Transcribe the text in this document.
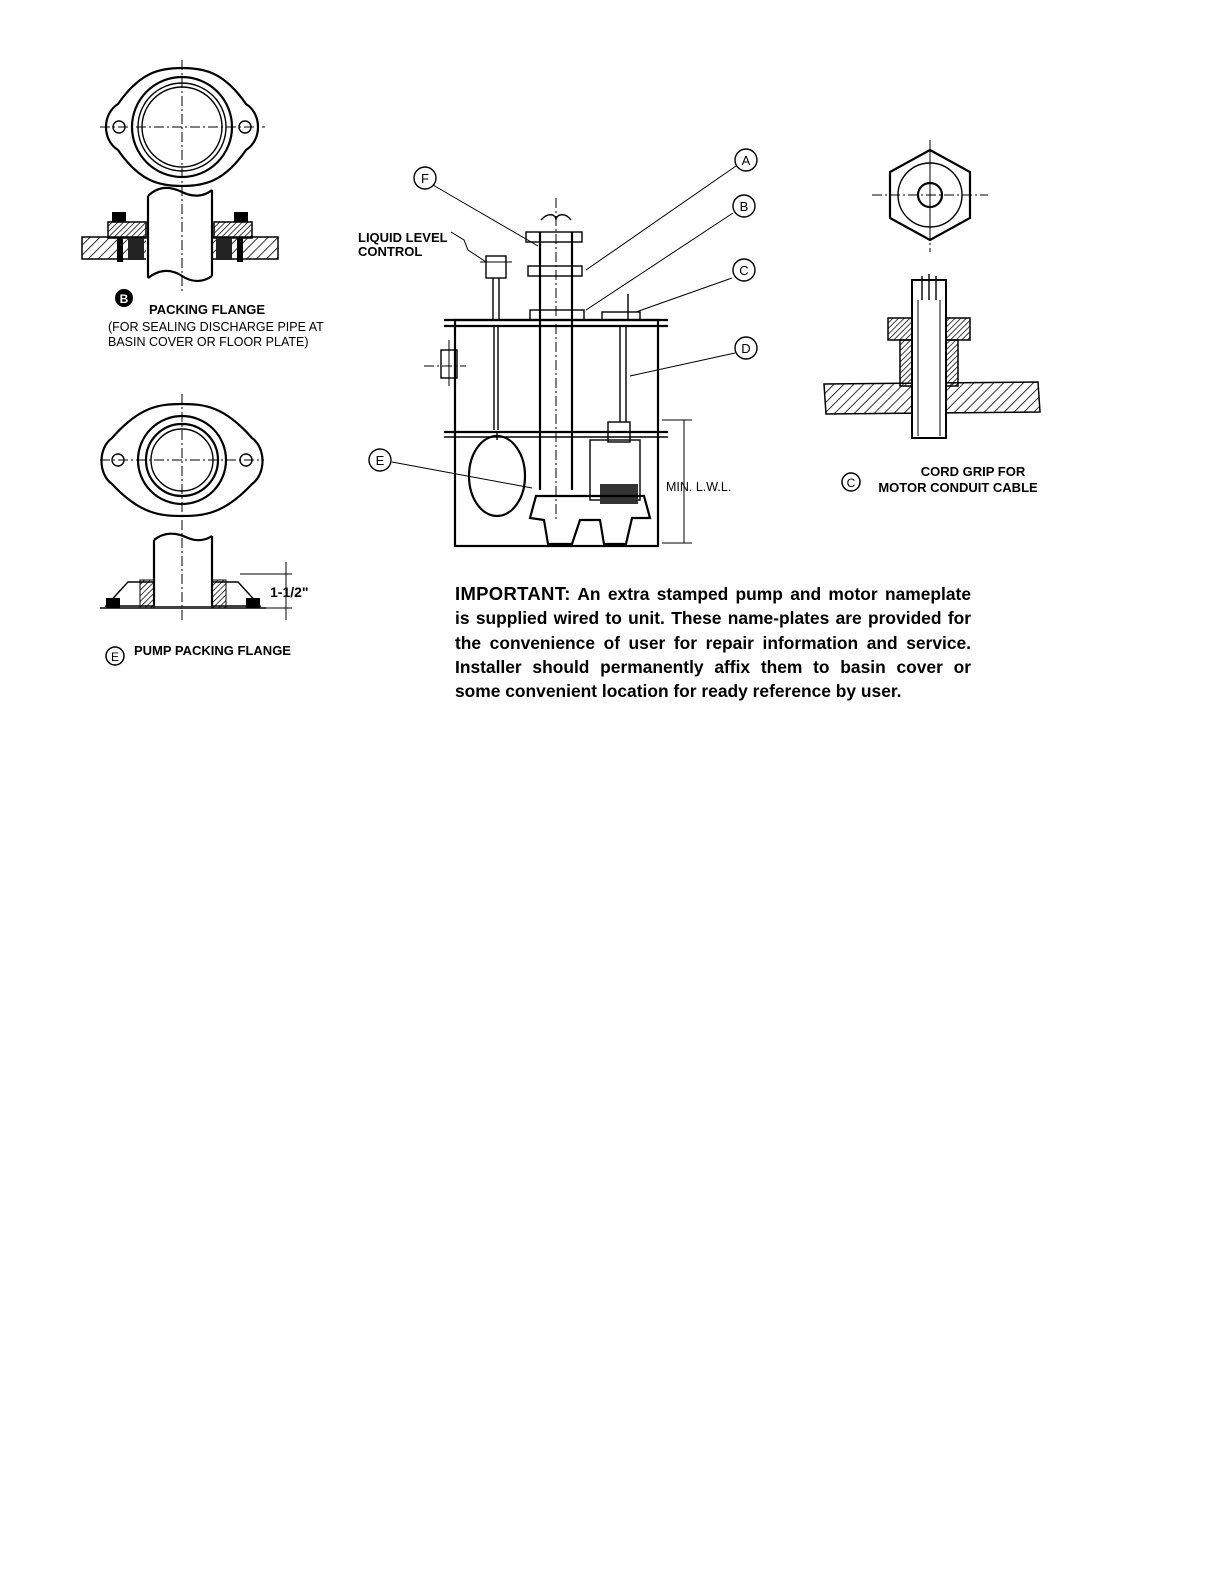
B
PACKING FLANGE
(FOR SEALING DISCHARGE PIPE AT
BASIN COVER OR FLOOR PLATE)
1-1/2"
E PUMP PACKING FLANGE
MIN. L.W.L.
LIQUID LEVEL
CONTROL
F
A
B
C
D
E
C
CORD GRIP FOR
MOTOR CONDUIT CABLE

IMPORTANT: An extra stamped pump and motor nameplate is supplied wired to unit. These name-plates are provided for the convenience of user for repair information and service. Installer should permanently affix them to basin cover or some convenient location for ready reference by user.
